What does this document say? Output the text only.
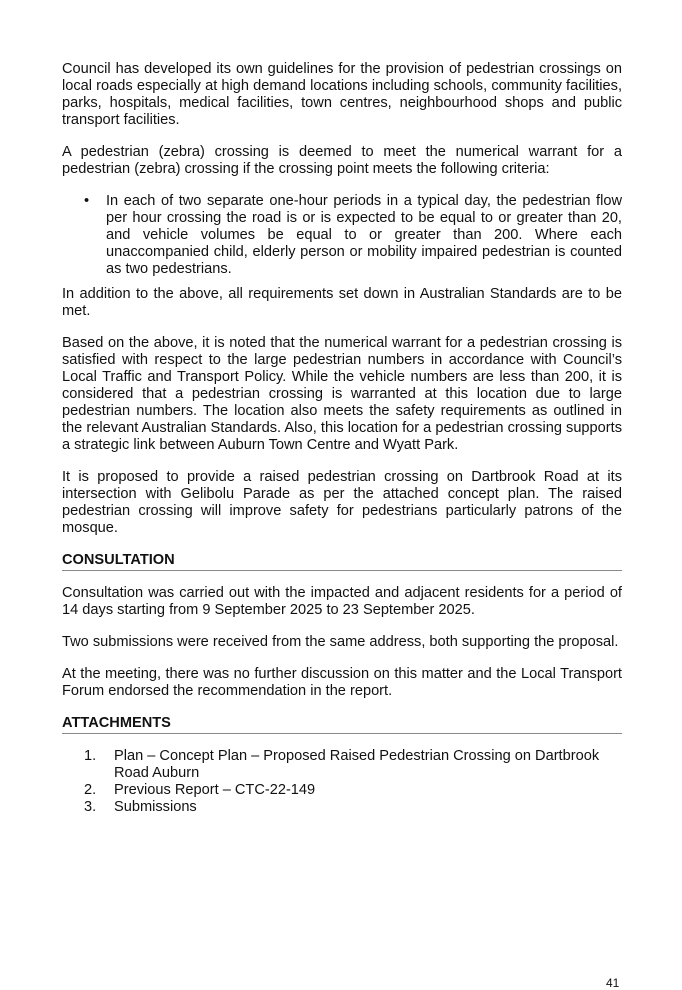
Council has developed its own guidelines for the provision of pedestrian crossings on local roads especially at high demand locations including schools, community facilities, parks, hospitals, medical facilities, town centres, neighbourhood shops and public transport facilities.

A pedestrian (zebra) crossing is deemed to meet the numerical warrant for a pedestrian (zebra) crossing if the crossing point meets the following criteria:

• In each of two separate one-hour periods in a typical day, the pedestrian flow per hour crossing the road is or is expected to be equal to or greater than 20, and vehicle volumes be equal to or greater than 200. Where each unaccompanied child, elderly person or mobility impaired pedestrian is counted as two pedestrians.

In addition to the above, all requirements set down in Australian Standards are to be met.

Based on the above, it is noted that the numerical warrant for a pedestrian crossing is satisfied with respect to the large pedestrian numbers in accordance with Council’s Local Traffic and Transport Policy. While the vehicle numbers are less than 200, it is considered that a pedestrian crossing is warranted at this location due to large pedestrian numbers. The location also meets the safety requirements as outlined in the relevant Australian Standards. Also, this location for a pedestrian crossing supports a strategic link between Auburn Town Centre and Wyatt Park.

It is proposed to provide a raised pedestrian crossing on Dartbrook Road at its intersection with Gelibolu Parade as per the attached concept plan. The raised pedestrian crossing will improve safety for pedestrians particularly patrons of the mosque.

CONSULTATION

Consultation was carried out with the impacted and adjacent residents for a period of 14 days starting from 9 September 2025 to 23 September 2025.

Two submissions were received from the same address, both supporting the proposal.

At the meeting, there was no further discussion on this matter and the Local Transport Forum endorsed the recommendation in the report.

ATTACHMENTS
1. Plan – Concept Plan – Proposed Raised Pedestrian Crossing on Dartbrook Road Auburn
2. Previous Report – CTC-22-149
3. Submissions
41
